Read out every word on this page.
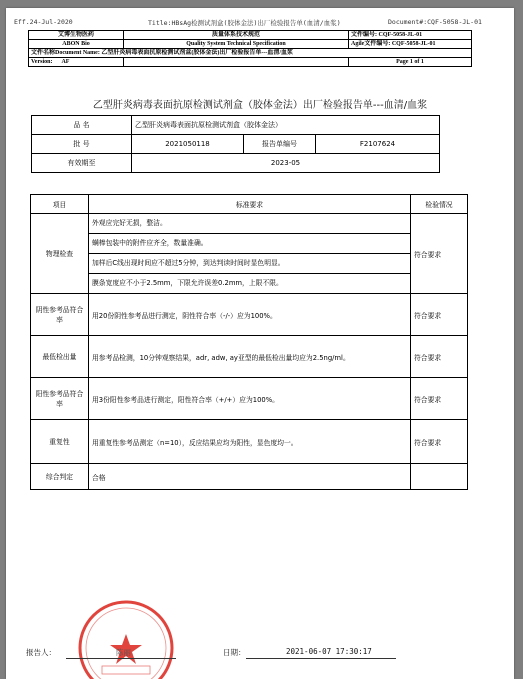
Eff.24-Jul-2020	Title:HBsAg检测试剂盒(胶体金法)出厂检验报告单(血清/血浆)	Document#:CQF-5058-JL-01
艾博生物医药	质量体系技术规范	文件编号: CQF-5058-JL-01
ABON Bio	Quality System Technical Specification	Agile文件编号: CQF-5058-JL-01
文件名称Document Name: 乙型肝炎病毒表面抗原检测试剂盒(胶体金法)出厂检验报告单---血清/血浆		
Version: AF		Page 1 of 1
乙型肝炎病毒表面抗原检测试剂盒（胶体金法）出厂检验报告单---血清/血浆
品 名	乙型肝炎病毒表面抗原检测试剂盒（胶体金法）		
批 号	2021050118	报告单编号	F2107624
有效期至	2023-05		
项目	标准要求	检验情况
物理检查	外观应完好无损，整洁。
螨棒包装中的附件应齐全，数量准确。
加样后C线出现时间应不超过5分钟，到达判读时间时显色明显。
膜条宽度应不小于2.5mm，下限允许误差0.2mm，上限不限。	符合要求
阴性参考品符合率	用20份阴性参考品进行测定，阴性符合率（-/-）应为100%。	符合要求
最低检出量	用参考品检测，10分钟观察结果，adr, adw, ay亚型的最低检出量均应为2.5ng/ml。	符合要求
阳性参考品符合率	用3份阳性参考品进行测定，阳性符合率（+/+）应为100%。	符合要求
重复性	用重复性参考品测定（n=10），反应结果应均为阳性，显色度均一。	符合要求
综合判定	合格	
报告人：	陈丽	日期：	2021-06-07 17:30:17
